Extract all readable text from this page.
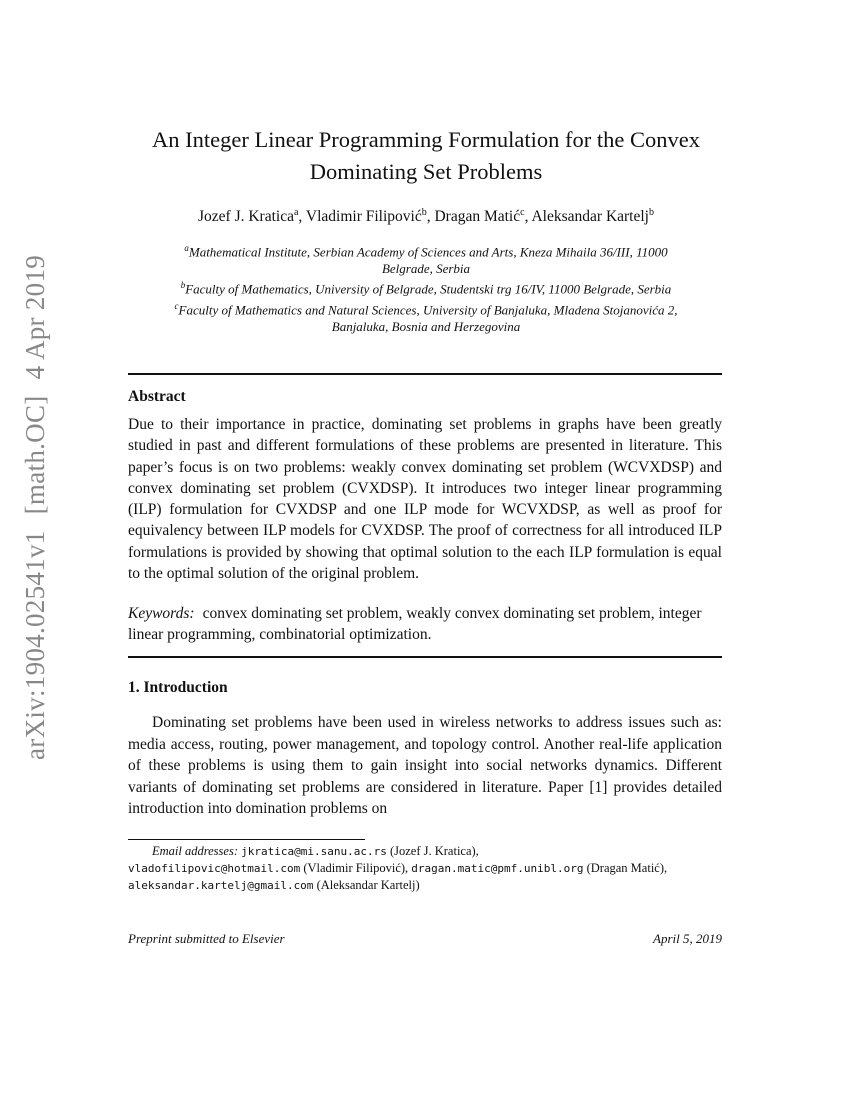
arXiv:1904.02541v1[math.OC]4 Apr 2019
An Integer Linear Programming Formulation for the Convex
Dominating Set Problems
Jozef J. Kratica$^a$, Vladimir Filipović$^b$, Dragan Matić$^c$, Aleksandar Kartelj$^b$
$^a$Mathematical Institute, Serbian Academy of Sciences and Arts, Kneza Mihaila 36/III, 11000
Belgrade, Serbia
$^b$Faculty of Mathematics, University of Belgrade, Studentski trg 16/IV, 11000 Belgrade, Serbia
$^c$Faculty of Mathematics and Natural Sciences, University of Banjaluka, Mladena Stojanovića 2,
Banjaluka, Bosnia and Herzegovina
Abstract
Due to their importance in practice, dominating set problems in graphs have been greatly studied in past and different formulations of these problems are presented in literature. This paper’s focus is on two problems: weakly convex dominating set problem (WCVXDSP) and convex dominating set problem (CVXDSP). It introduces two integer linear programming (ILP) formulation for CVXDSP and one ILP mode for WCVXDSP, as well as proof for equivalency between ILP models for CVXDSP. The proof of correctness for all introduced ILP formulations is provided by showing that optimal solution to the each ILP formulation is equal to the optimal solution of the original problem.
Keywords: convex dominating set problem, weakly convex dominating set problem, integer linear programming, combinatorial optimization.
1. Introduction
Dominating set problems have been used in wireless networks to address issues such as: media access, routing, power management, and topology control. Another real-life application of these problems is using them to gain insight into social networks dynamics. Different variants of dominating set problems are considered in literature. Paper [1] provides detailed introduction into domination problems on
Email addresses: jkratica@mi.sanu.ac.rs (Jozef J. Kratica),
vladofilipovic@hotmail.com (Vladimir Filipović), dragan.matic@pmf.unibl.org (Dragan Matić),
aleksandar.kartelj@gmail.com (Aleksandar Kartelj)
Preprint submitted to Elsevier	April 5, 2019
